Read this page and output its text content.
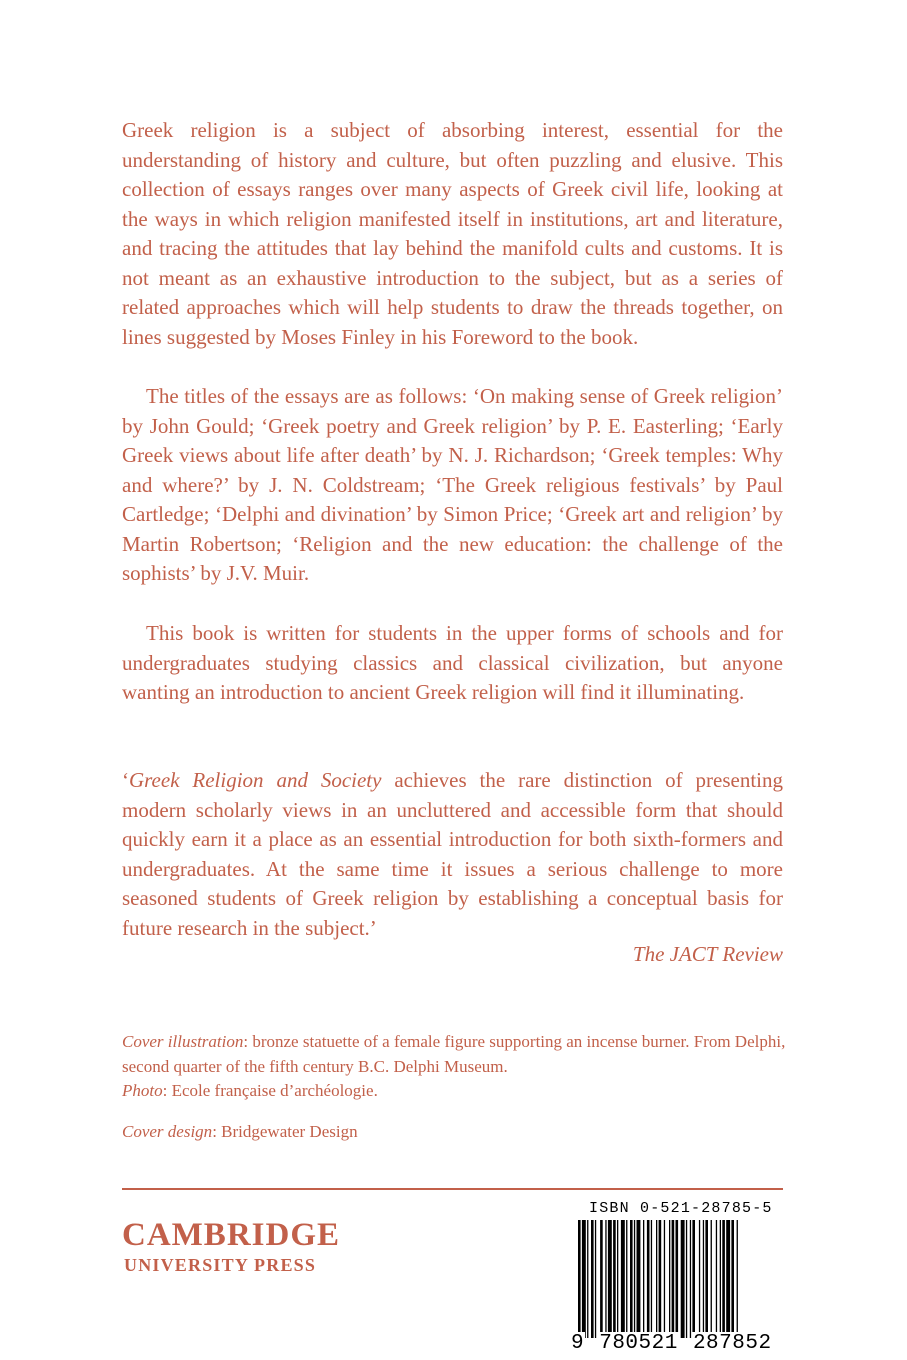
Greek religion is a subject of absorbing interest, essential for the understanding of history and culture, but often puzzling and elusive. This collection of essays ranges over many aspects of Greek civil life, looking at the ways in which religion manifested itself in institutions, art and literature, and tracing the attitudes that lay behind the manifold cults and customs. It is not meant as an exhaustive introduction to the subject, but as a series of related approaches which will help students to draw the threads together, on lines suggested by Moses Finley in his Foreword to the book.

The titles of the essays are as follows: ‘On making sense of Greek religion’ by John Gould; ‘Greek poetry and Greek religion’ by P. E. Easterling; ‘Early Greek views about life after death’ by N. J. Richardson; ‘Greek temples: Why and where?’ by J. N. Coldstream; ‘The Greek religious festivals’ by Paul Cartledge; ‘Delphi and divination’ by Simon Price; ‘Greek art and religion’ by Martin Robertson; ‘Religion and the new education: the challenge of the sophists’ by J.V. Muir.

This book is written for students in the upper forms of schools and for undergraduates studying classics and classical civilization, but anyone wanting an introduction to ancient Greek religion will find it illuminating.

‘Greek Religion and Society achieves the rare distinction of presenting modern scholarly views in an uncluttered and accessible form that should quickly earn it a place as an essential introduction for both sixth-formers and undergraduates. At the same time it issues a serious challenge to more seasoned students of Greek religion by establishing a conceptual basis for future research in the subject.’

The JACT Review

Cover illustration: bronze statuette of a female figure supporting an incense burner. From Delphi, second quarter of the fifth century B.C. Delphi Museum.
Photo: Ecole française d’archéologie.

Cover design: Bridgewater Design

CAMBRIDGE
UNIVERSITY PRESS
ISBN 0-521-28785-5
9 780521 287852
